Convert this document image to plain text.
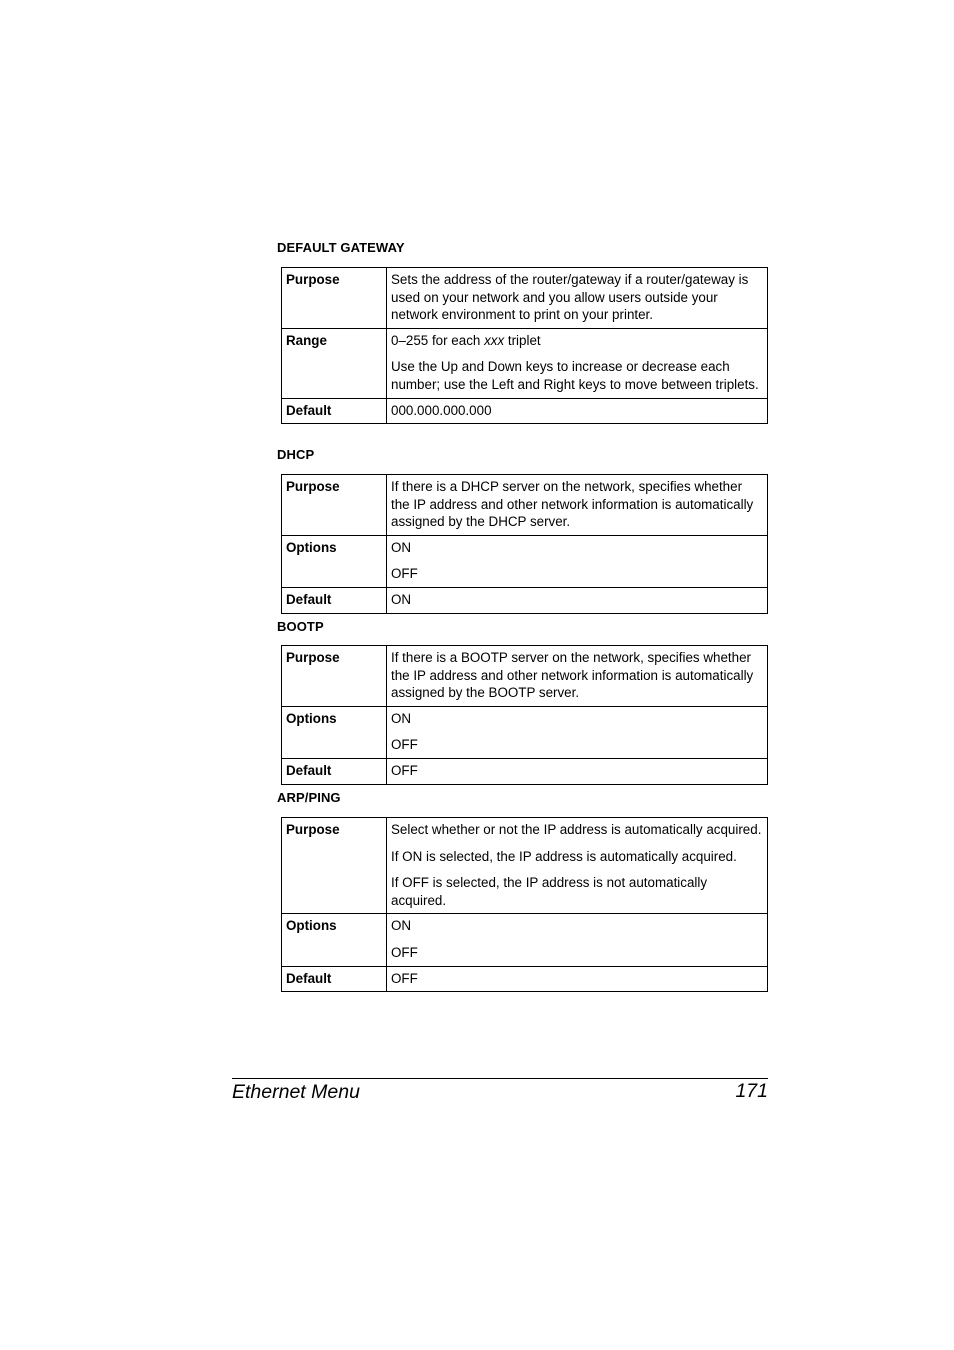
DEFAULT GATEWAY
Purpose	Sets the address of the router/gateway if a router/gateway is used on your network and you allow users outside your network environment to print on your printer.

Range	0–255 for each xxx triplet

Use the Up and Down keys to increase or decrease each number; use the Left and Right keys to move between triplets.

Default	000.000.000.000
DHCP
Purpose	If there is a DHCP server on the network, specifies whether the IP address and other network information is automatically assigned by the DHCP server.
Options	ON

OFF

Default	ON
BOOTP
Purpose	If there is a BOOTP server on the network, specifies whether the IP address and other network information is automatically assigned by the BOOTP server.
Options	ON

OFF

Default	OFF
ARP/PING
Purpose	Select whether or not the IP address is automatically acquired.

If ON is selected, the IP address is automatically acquired.

If OFF is selected, the IP address is not automatically acquired.

Options	ON

OFF

Default	OFF
Ethernet Menu	171
